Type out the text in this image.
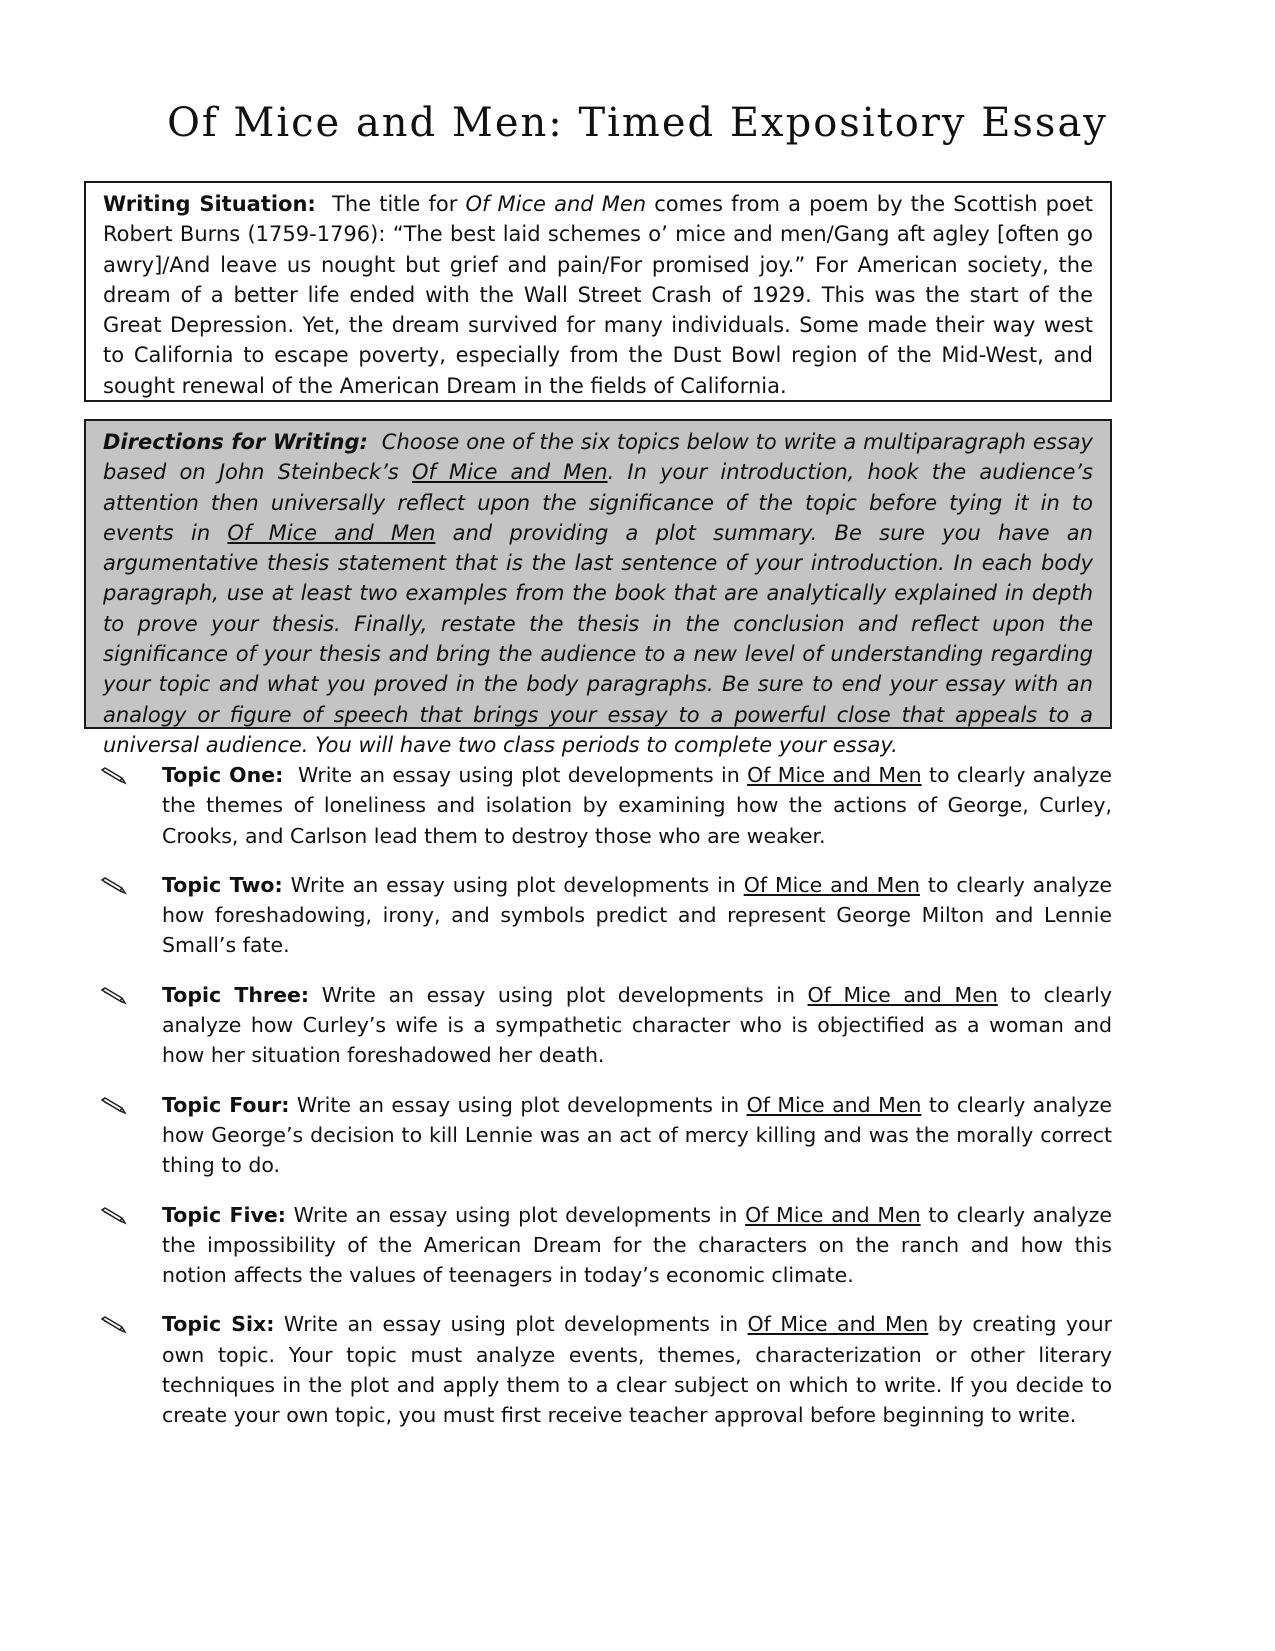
Of Mice and Men: Timed Expository Essay

Writing Situation:  The title for Of Mice and Men comes from a poem by the Scottish poet Robert Burns (1759-1796): “The best laid schemes o’ mice and men/Gang aft agley [often go awry]/And leave us nought but grief and pain/For promised joy.” For American society, the dream of a better life ended with the Wall Street Crash of 1929. This was the start of the Great Depression. Yet, the dream survived for many individuals. Some made their way west to California to escape poverty, especially from the Dust Bowl region of the Mid-West, and sought renewal of the American Dream in the fields of California.

Directions for Writing:  Choose one of the six topics below to write a multiparagraph essay based on John Steinbeck’s Of Mice and Men. In your introduction, hook the audience’s attention then universally reflect upon the significance of the topic before tying it in to events in Of Mice and Men and providing a plot summary. Be sure you have an argumentative thesis statement that is the last sentence of your introduction. In each body paragraph, use at least two examples from the book that are analytically explained in depth to prove your thesis. Finally, restate the thesis in the conclusion and reflect upon the significance of your thesis and bring the audience to a new level of understanding regarding your topic and what you proved in the body paragraphs. Be sure to end your essay with an analogy or figure of speech that brings your essay to a powerful close that appeals to a universal audience. You will have two class periods to complete your essay.

Topic One:  Write an essay using plot developments in Of Mice and Men to clearly analyze the themes of loneliness and isolation by examining how the actions of George, Curley, Crooks, and Carlson lead them to destroy those who are weaker.
Topic Two: Write an essay using plot developments in Of Mice and Men to clearly analyze how foreshadowing, irony, and symbols predict and represent George Milton and Lennie Small’s fate.
Topic Three: Write an essay using plot developments in Of Mice and Men to clearly analyze how Curley’s wife is a sympathetic character who is objectified as a woman and how her situation foreshadowed her death.
Topic Four: Write an essay using plot developments in Of Mice and Men to clearly analyze how George’s decision to kill Lennie was an act of mercy killing and was the morally correct thing to do.
Topic Five: Write an essay using plot developments in Of Mice and Men to clearly analyze the impossibility of the American Dream for the characters on the ranch and how this notion affects the values of teenagers in today’s economic climate.
Topic Six: Write an essay using plot developments in Of Mice and Men by creating your own topic. Your topic must analyze events, themes, characterization or other literary techniques in the plot and apply them to a clear subject on which to write. If you decide to create your own topic, you must first receive teacher approval before beginning to write.
